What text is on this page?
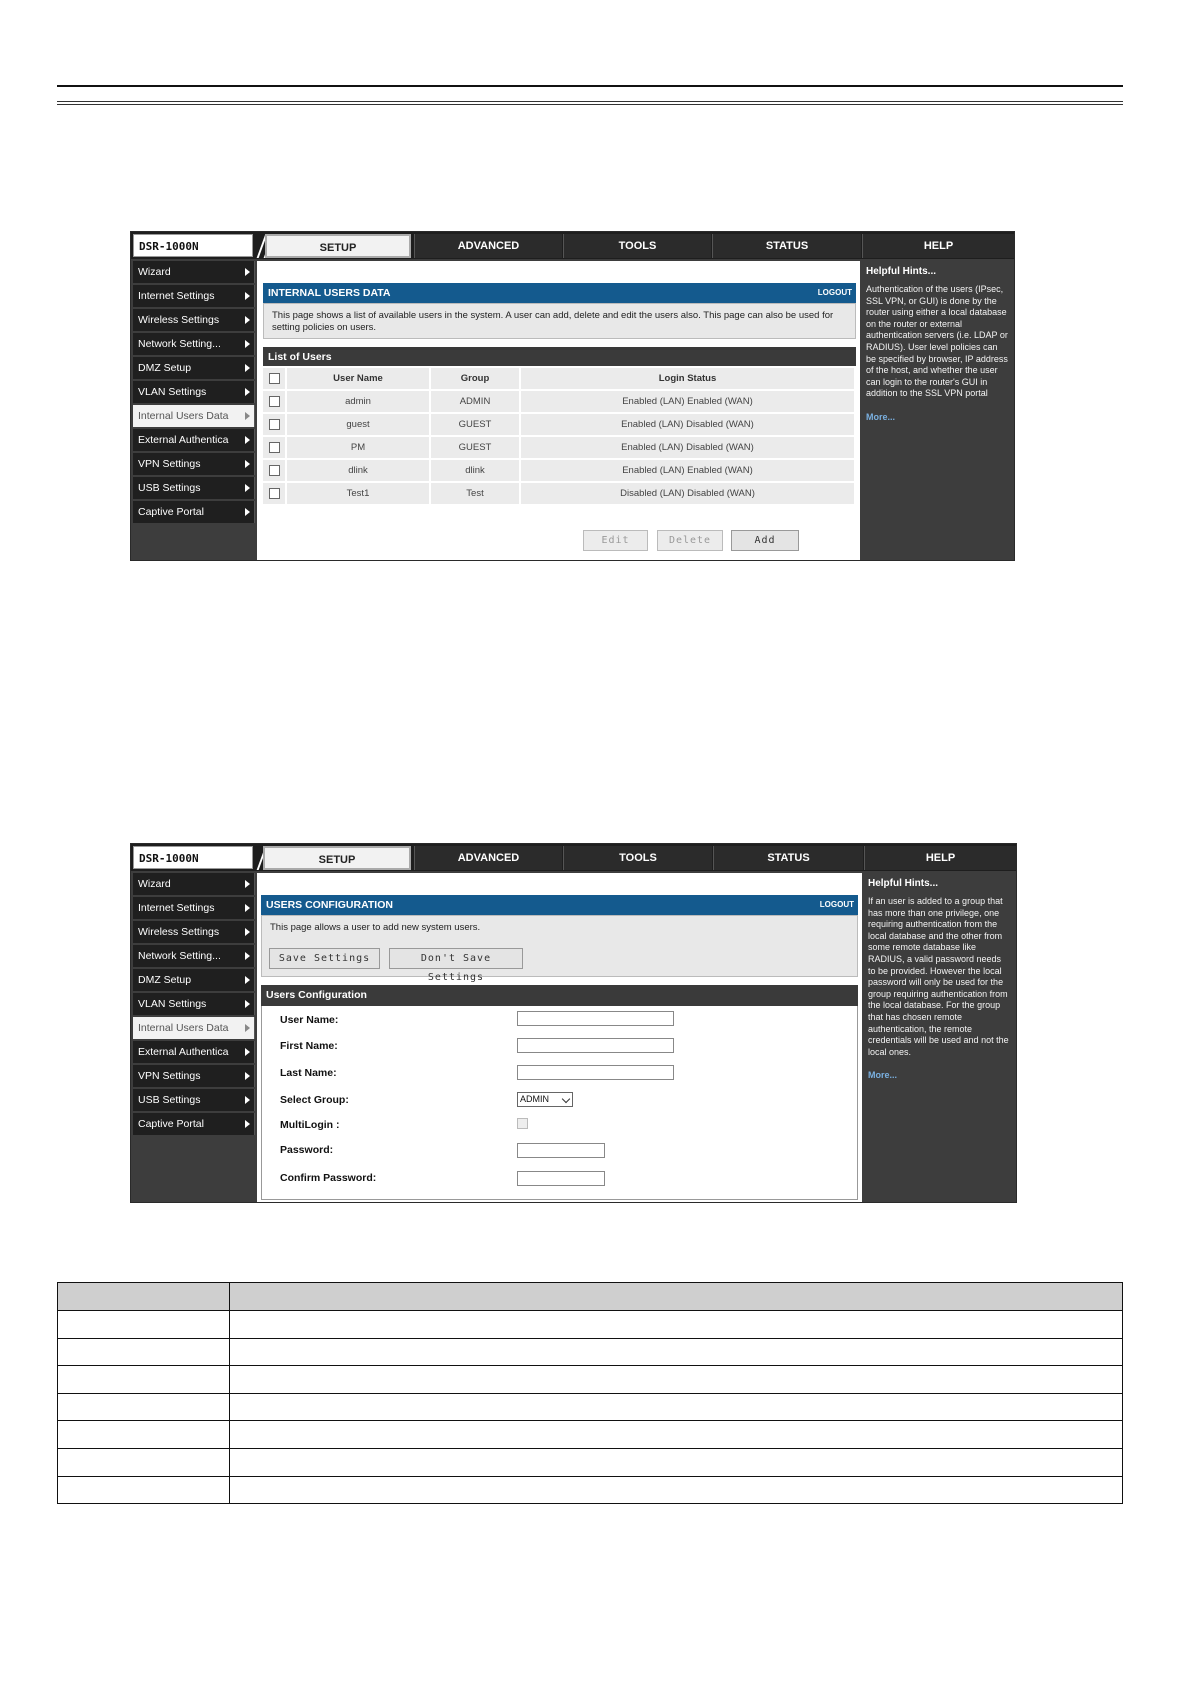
DSR-1000N	SETUP	ADVANCED	TOOLS	STATUS	HELP
Wizard
Internet Settings
Wireless Settings
Network Setting...
DMZ Setup
VLAN Settings
Internal Users Data
External Authentica
VPN Settings
USB Settings
Captive Portal
INTERNAL USERS DATA	LOGOUT
This page shows a list of available users in the system. A user can add, delete and edit the users also. This page can also be used for setting policies on users.
List of Users
	User Name	Group	Login Status
	admin	ADMIN	Enabled (LAN) Enabled (WAN)
	guest	GUEST	Enabled (LAN) Disabled (WAN)
	PM	GUEST	Enabled (LAN) Disabled (WAN)
	dlink	dlink	Enabled (LAN) Enabled (WAN)
	Test1	Test	Disabled (LAN) Disabled (WAN)
Edit	Delete	Add
Helpful Hints...
Authentication of the users (IPsec, SSL VPN, or GUI) is done by the router using either a local database on the router or external authentication servers (i.e. LDAP or RADIUS). User level policies can be specified by browser, IP address of the host, and whether the user can login to the router's GUI in addition to the SSL VPN portal
More...
DSR-1000N	SETUP	ADVANCED	TOOLS	STATUS	HELP
Wizard
Internet Settings
Wireless Settings
Network Setting...
DMZ Setup
VLAN Settings
Internal Users Data
External Authentica
VPN Settings
USB Settings
Captive Portal
USERS CONFIGURATION	LOGOUT
This page allows a user to add new system users.
Save Settings	Don't Save Settings
Users Configuration
User Name:
First Name:
Last Name:
Select Group:	ADMIN
MultiLogin :
Password:
Confirm Password:
Helpful Hints...
If an user is added to a group that has more than one privilege, one requiring authentication from the local database and the other from some remote database like RADIUS, a valid password needs to be provided. However the local password will only be used for the group requiring authentication from the local database. For the group that has chosen remote authentication, the remote credentials will be used and not the local ones.
More...
